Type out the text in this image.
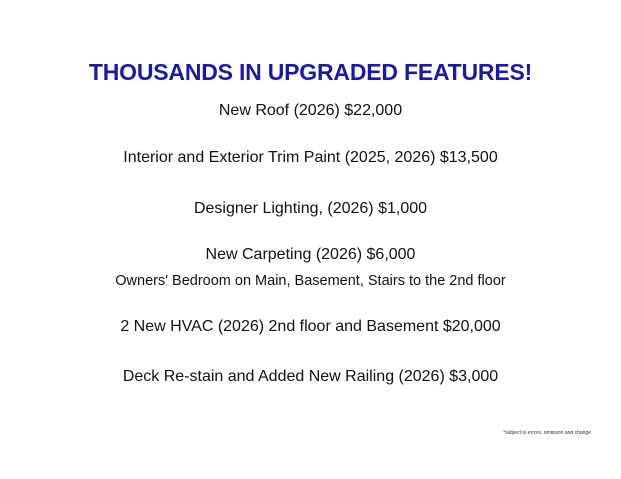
THOUSANDS IN UPGRADED FEATURES!
New Roof (2026) $22,000
Interior and Exterior Trim Paint (2025, 2026) $13,500
Designer Lighting, (2026) $1,000
New Carpeting (2026) $6,000
Owners' Bedroom on Main, Basement, Stairs to the 2nd floor
2 New HVAC (2026) 2nd floor and Basement $20,000
Deck Re-stain and Added New Railing (2026) $3,000
*subject to errors, omission and change
